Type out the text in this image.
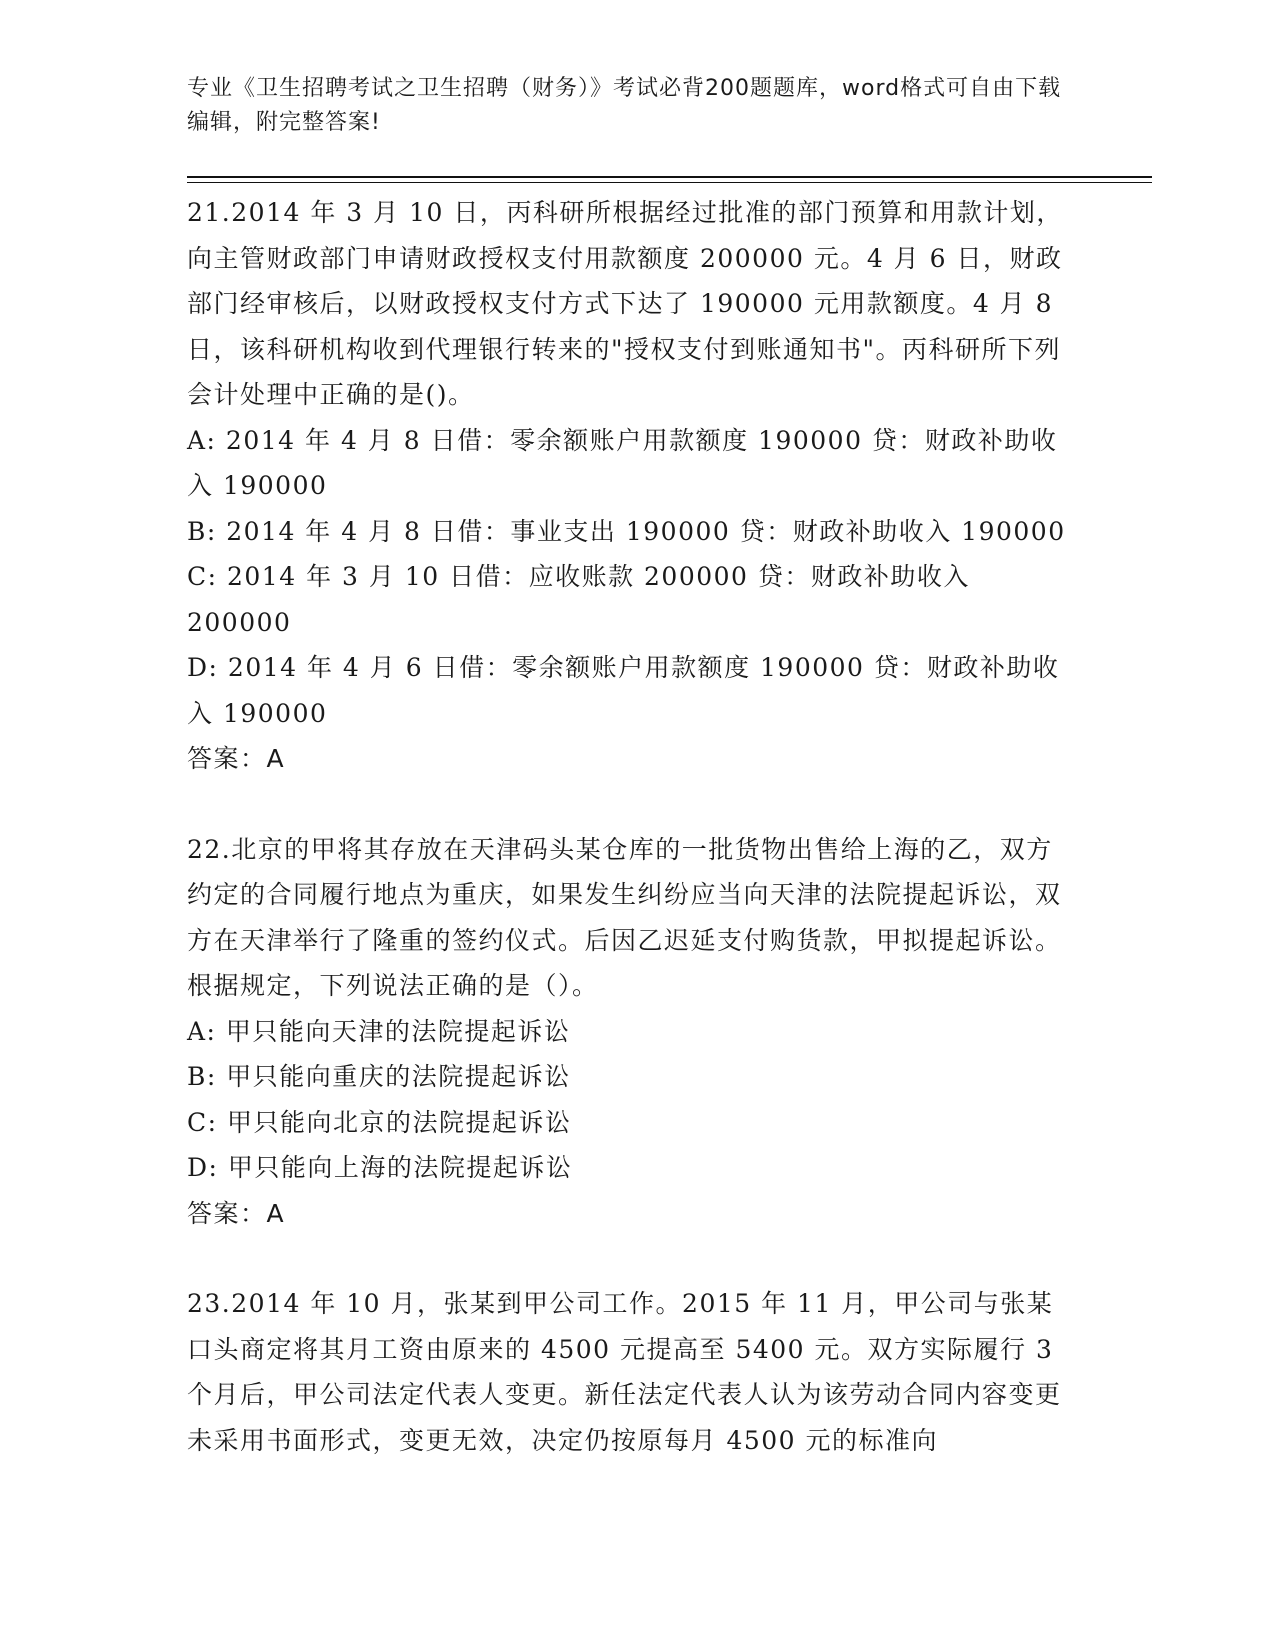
专业《卫生招聘考试之卫生招聘（财务）》考试必背200题题库，word格式可自由下载编辑，附完整答案!

21.2014 年 3 月 10 日，丙科研所根据经过批准的部门预算和用款计划，向主管财政部门申请财政授权支付用款额度 200000 元。4 月 6 日，财政部门经审核后，以财政授权支付方式下达了 190000 元用款额度。4 月 8 日，该科研机构收到代理银行转来的"授权支付到账通知书"。丙科研所下列会计处理中正确的是()。

A: 2014 年 4 月 8 日借：零余额账户用款额度 190000 贷：财政补助收入 190000

B: 2014 年 4 月 8 日借：事业支出 190000 贷：财政补助收入 190000

C: 2014 年 3 月 10 日借：应收账款 200000 贷：财政补助收入 200000

D: 2014 年 4 月 6 日借：零余额账户用款额度 190000 贷：财政补助收入 190000

答案：A

22.北京的甲将其存放在天津码头某仓库的一批货物出售给上海的乙，双方约定的合同履行地点为重庆，如果发生纠纷应当向天津的法院提起诉讼，双方在天津举行了隆重的签约仪式。后因乙迟延支付购货款，甲拟提起诉讼。根据规定，下列说法正确的是（）。

A: 甲只能向天津的法院提起诉讼

B: 甲只能向重庆的法院提起诉讼

C: 甲只能向北京的法院提起诉讼

D: 甲只能向上海的法院提起诉讼

答案：A

23.2014 年 10 月，张某到甲公司工作。2015 年 11 月，甲公司与张某口头商定将其月工资由原来的 4500 元提高至 5400 元。双方实际履行 3 个月后，甲公司法定代表人变更。新任法定代表人认为该劳动合同内容变更未采用书面形式，变更无效，决定仍按原每月 4500 元的标准向
